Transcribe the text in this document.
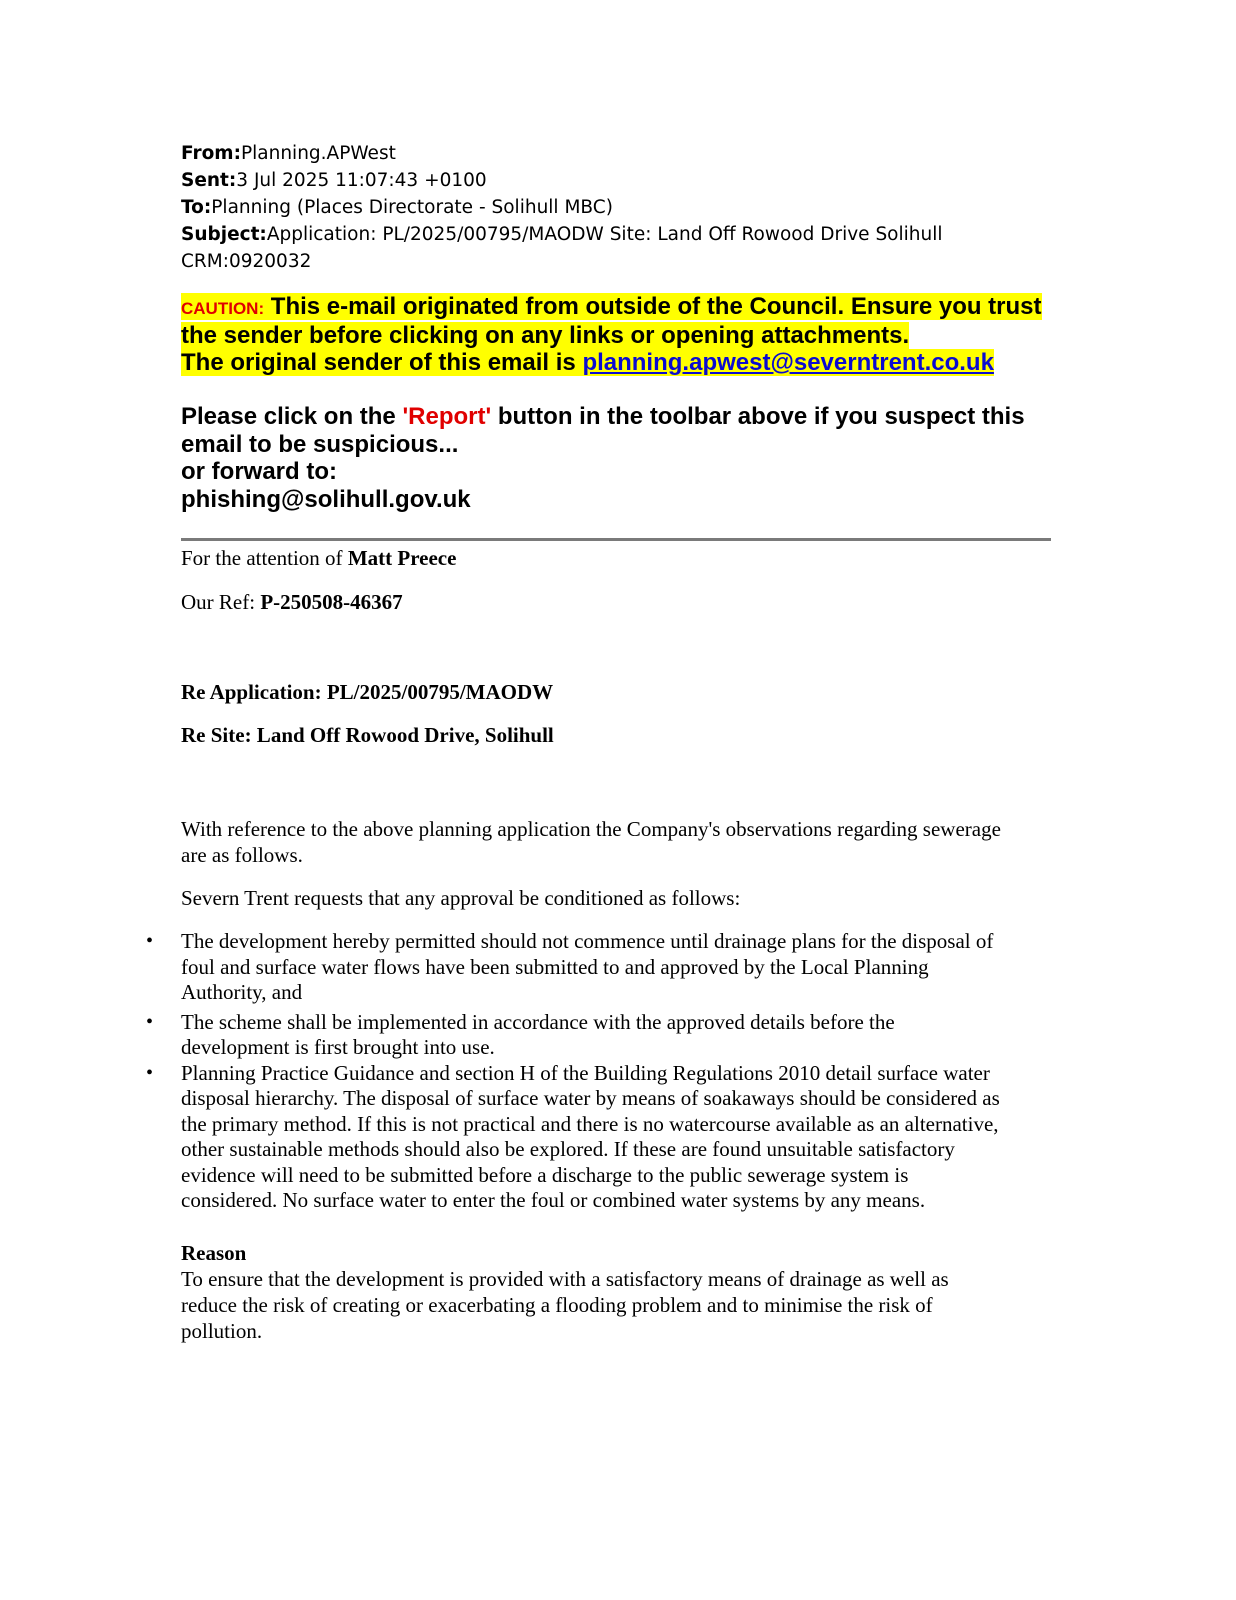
From:Planning.APWest
Sent:3 Jul 2025 11:07:43 +0100
To:Planning (Places Directorate - Solihull MBC)
Subject:Application: PL/2025/00795/MAODW Site: Land Off Rowood Drive Solihull
CRM:0920032
CAUTION: This e-mail originated from outside of the Council. Ensure you trust
the sender before clicking on any links or opening attachments.
The original sender of this email is planning.apwest@severntrent.co.uk
Please click on the 'Report' button in the toolbar above if you suspect this
email to be suspicious...
or forward to:
phishing@solihull.gov.uk
For the attention of Matt Preece
Our Ref: P-250508-46367
Re Application: PL/2025/00795/MAODW
Re Site: Land Off Rowood Drive, Solihull
With reference to the above planning application the Company's observations regarding sewerage
are as follows.
Severn Trent requests that any approval be conditioned as follows:
• The development hereby permitted should not commence until drainage plans for the disposal of
foul and surface water flows have been submitted to and approved by the Local Planning
Authority, and
• The scheme shall be implemented in accordance with the approved details before the
development is first brought into use.
• Planning Practice Guidance and section H of the Building Regulations 2010 detail surface water
disposal hierarchy. The disposal of surface water by means of soakaways should be considered as
the primary method. If this is not practical and there is no watercourse available as an alternative,
other sustainable methods should also be explored. If these are found unsuitable satisfactory
evidence will need to be submitted before a discharge to the public sewerage system is
considered. No surface water to enter the foul or combined water systems by any means.
Reason
To ensure that the development is provided with a satisfactory means of drainage as well as
reduce the risk of creating or exacerbating a flooding problem and to minimise the risk of
pollution.
